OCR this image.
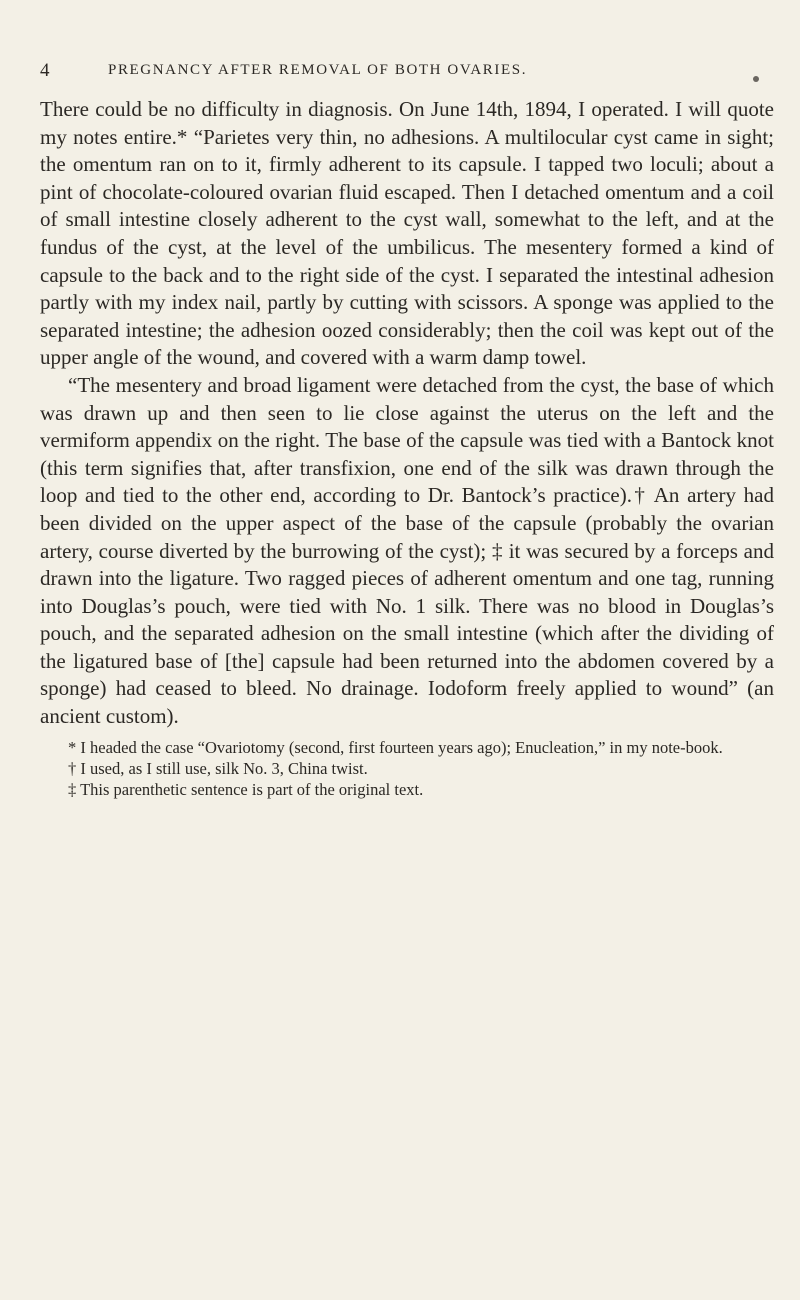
4	PREGNANCY AFTER REMOVAL OF BOTH OVARIES.

There could be no difficulty in diagnosis. On June 14th, 1894, I operated. I will quote my notes entire.* “Parietes very thin, no adhesions. A multilocular cyst came in sight; the omentum ran on to it, firmly adherent to its capsule. I tapped two loculi; about a pint of chocolate-coloured ovarian fluid escaped. Then I detached omentum and a coil of small intestine closely adherent to the cyst wall, somewhat to the left, and at the fundus of the cyst, at the level of the umbilicus. The mesentery formed a kind of capsule to the back and to the right side of the cyst. I separated the intestinal adhesion partly with my index nail, partly by cutting with scissors. A sponge was applied to the separated intestine; the adhesion oozed considerably; then the coil was kept out of the upper angle of the wound, and covered with a warm damp towel.

“The mesentery and broad ligament were detached from the cyst, the base of which was drawn up and then seen to lie close against the uterus on the left and the vermiform appendix on the right. The base of the capsule was tied with a Bantock knot (this term signifies that, after transfixion, one end of the silk was drawn through the loop and tied to the other end, according to Dr. Bantock’s practice).† An artery had been divided on the upper aspect of the base of the capsule (probably the ovarian artery, course diverted by the burrowing of the cyst); ‡ it was secured by a forceps and drawn into the ligature. Two ragged pieces of adherent omentum and one tag, running into Douglas’s pouch, were tied with No. 1 silk. There was no blood in Douglas’s pouch, and the separated adhesion on the small intestine (which after the dividing of the ligatured base of [the] capsule had been returned into the abdomen covered by a sponge) had ceased to bleed. No drainage. Iodoform freely applied to wound” (an ancient custom).

* I headed the case “Ovariotomy (second, first fourteen years ago); Enucleation,” in my note-book.

† I used, as I still use, silk No. 3, China twist.

‡ This parenthetic sentence is part of the original text.
